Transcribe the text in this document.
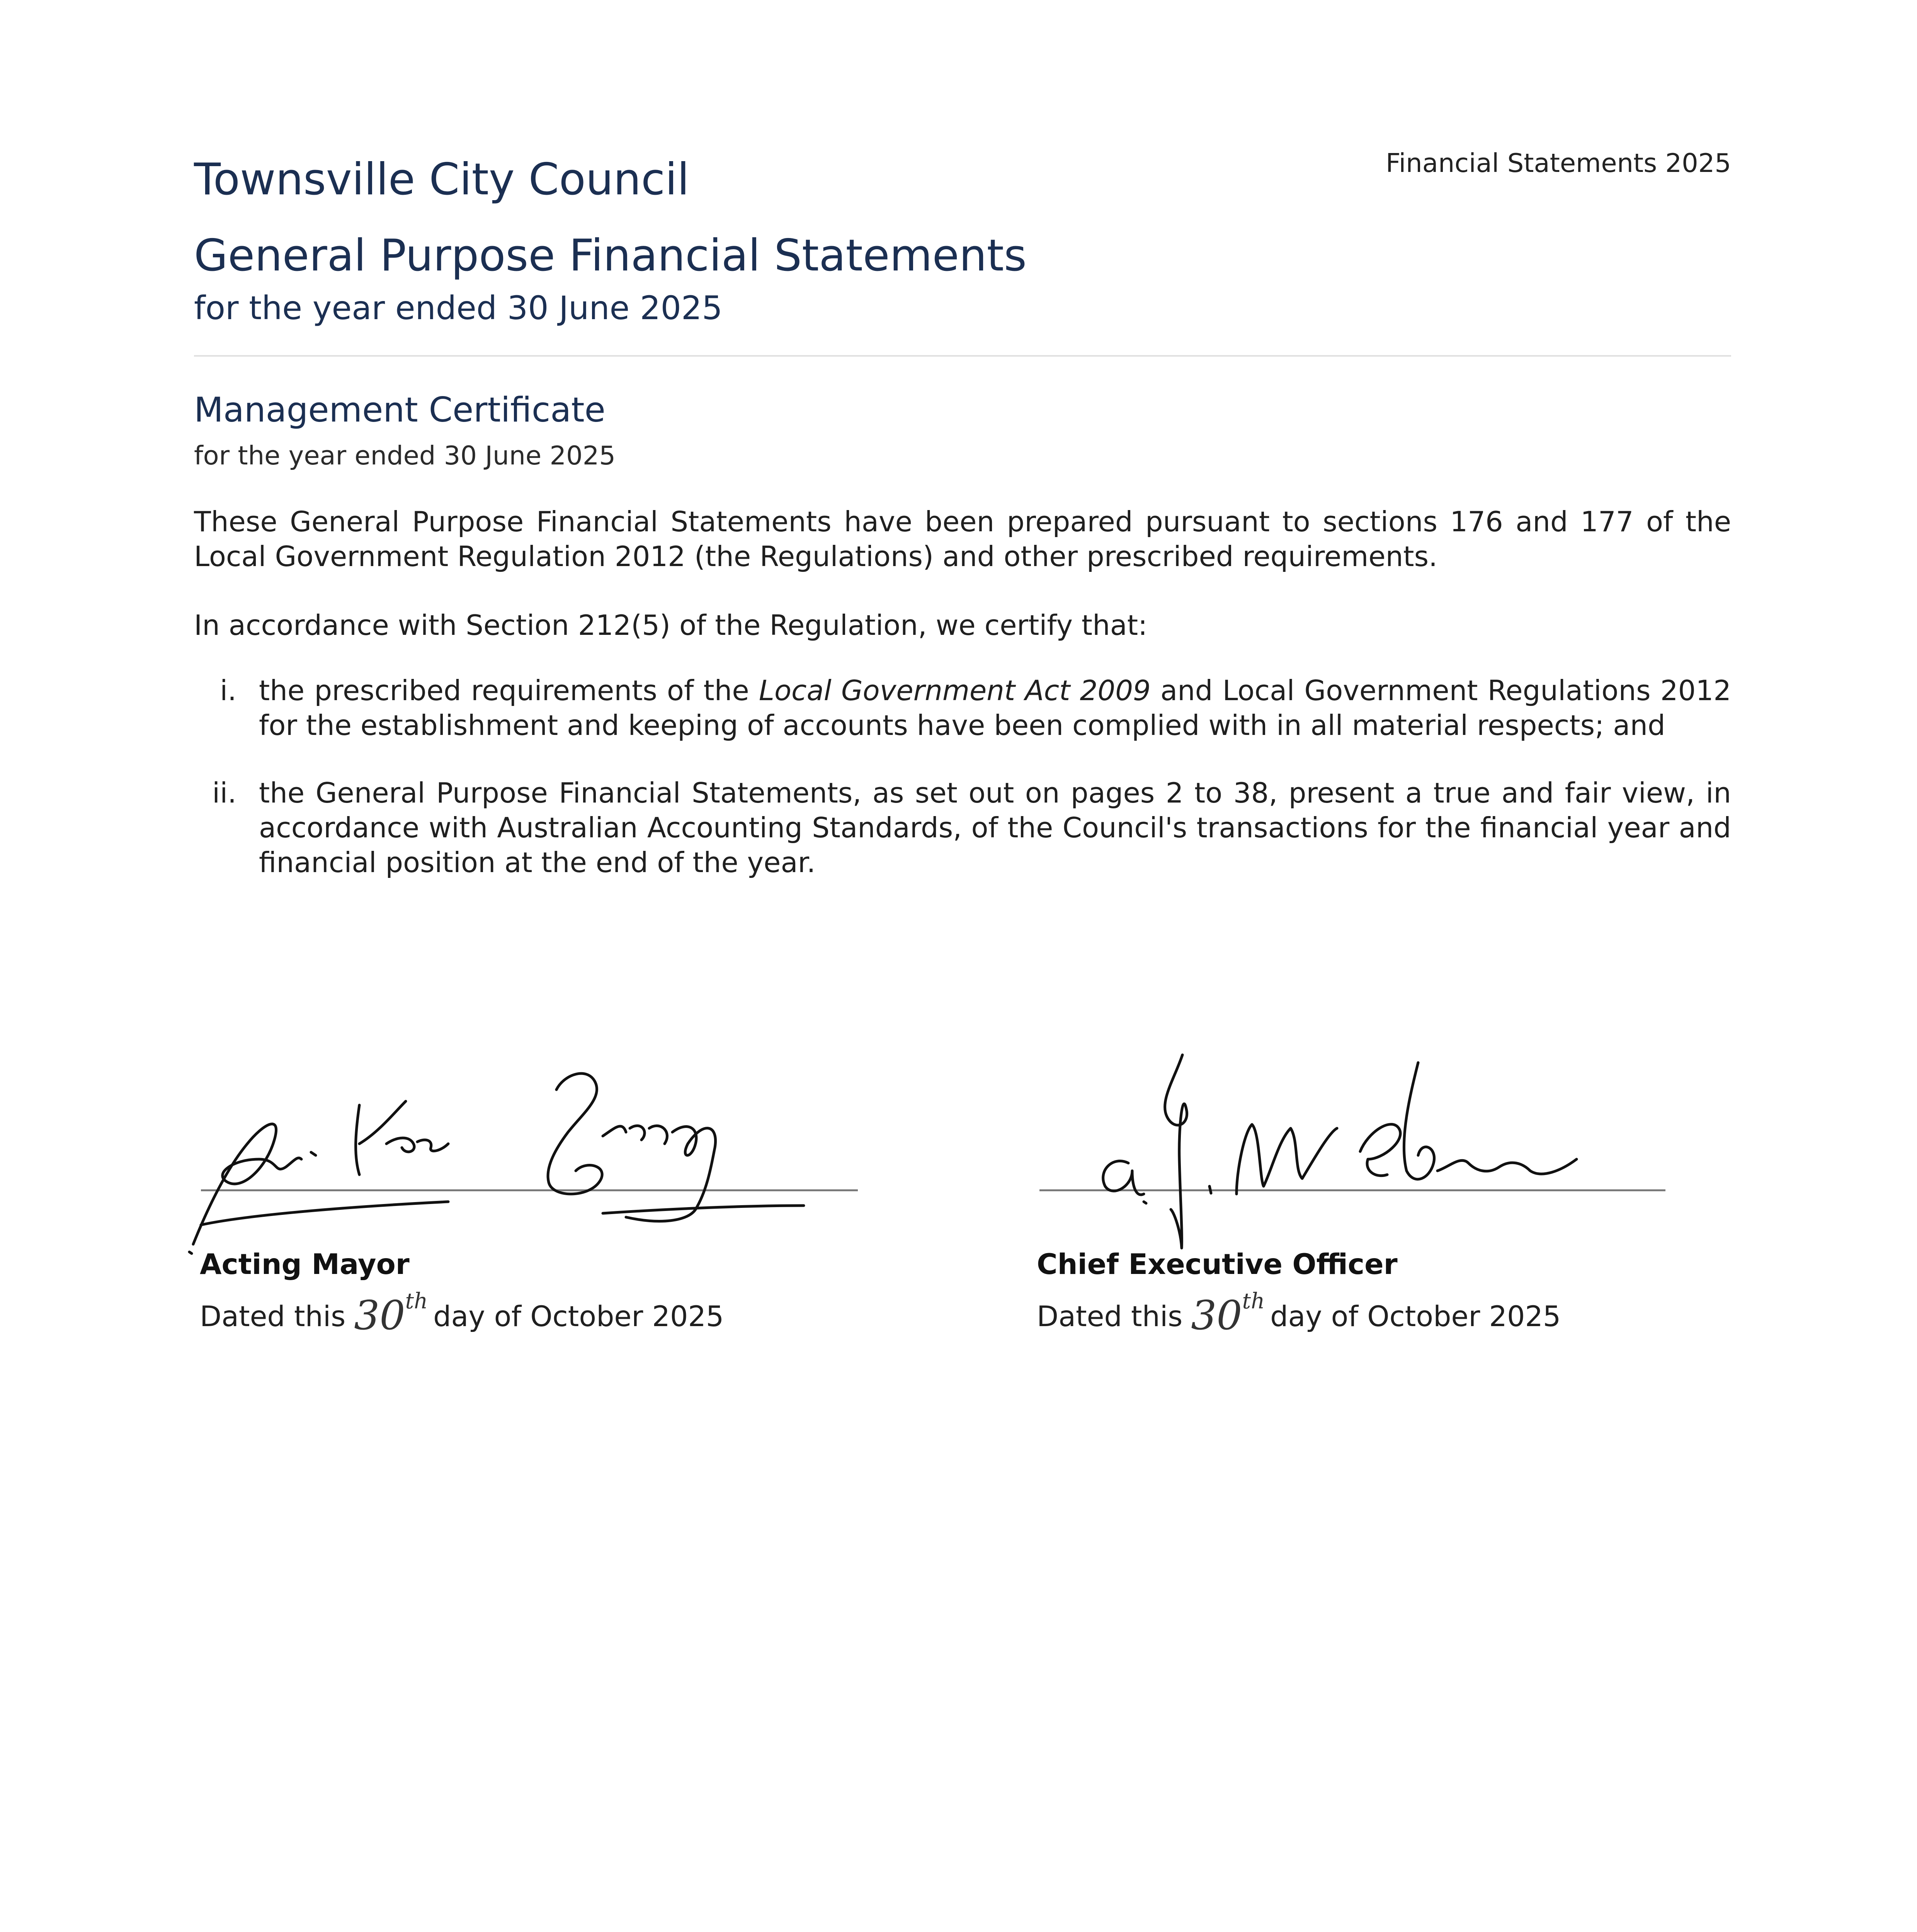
Townsville City Council	Financial Statements 2025
General Purpose Financial Statements
for the year ended 30 June 2025
Management Certificate
for the year ended 30 June 2025
These General Purpose Financial Statements have been prepared pursuant to sections 176 and 177 of the Local Government Regulation 2012 (the Regulations) and other prescribed requirements.
In accordance with Section 212(5) of the Regulation, we certify that:
i. the prescribed requirements of the Local Government Act 2009 and Local Government Regulations 2012 for the establishment and keeping of accounts have been complied with in all material respects; and
ii. the General Purpose Financial Statements, as set out on pages 2 to 38, present a true and fair view, in accordance with Australian Accounting Standards, of the Council's transactions for the financial year and financial position at the end of the year.
Acting Mayor	Chief Executive Officer
Dated this 30th day of October 2025	Dated this 30th day of October 2025
